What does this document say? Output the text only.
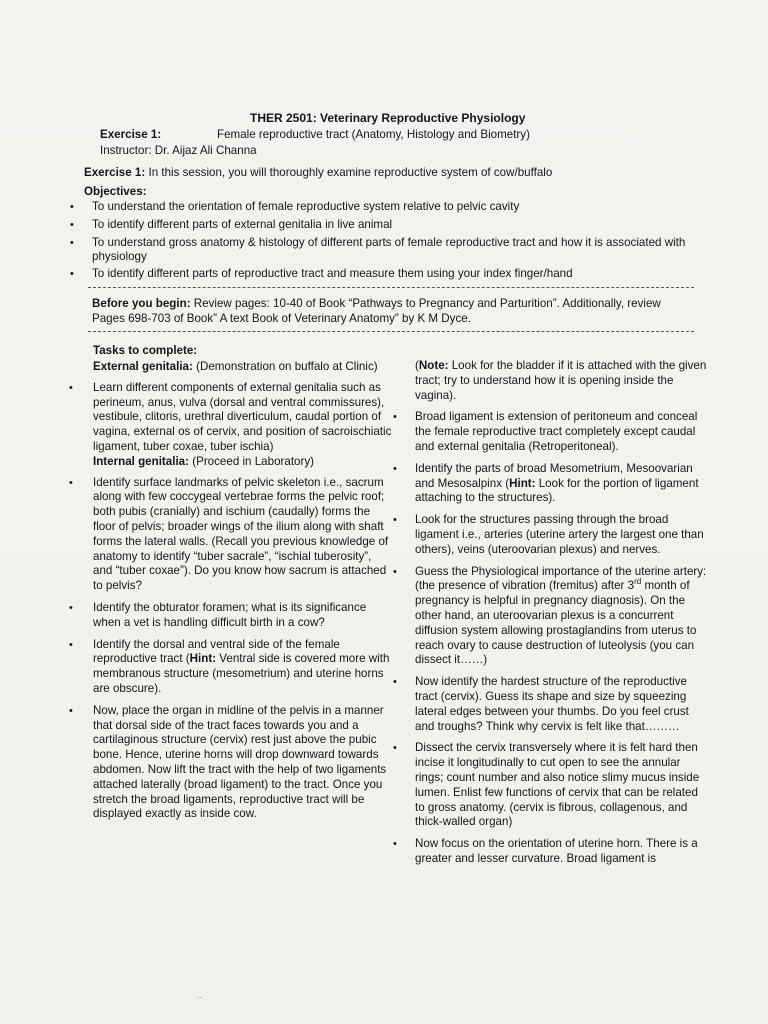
THER 2501: Veterinary Reproductive Physiology
Exercise 1:	Female reproductive tract (Anatomy, Histology and Biometry)
Instructor: Dr. Aijaz Ali Channa
Exercise 1: In this session, you will thoroughly examine reproductive system of cow/buffalo
Objectives:
• To understand the orientation of female reproductive system relative to pelvic cavity
• To identify different parts of external genitalia in live animal
• To understand gross anatomy & histology of different parts of female reproductive tract and how it is associated with physiology
• To identify different parts of reproductive tract and measure them using your index finger/hand
Before you begin: Review pages: 10-40 of Book “Pathways to Pregnancy and Parturition”. Additionally, review Pages 698-703 of Book” A text Book of Veterinary Anatomy” by K M Dyce.
Tasks to complete:
External genitalia: (Demonstration on buffalo at Clinic)
• Learn different components of external genitalia such as perineum, anus, vulva (dorsal and ventral commissures), vestibule, clitoris, urethral diverticulum, caudal portion of vagina, external os of cervix, and position of sacroischiatic ligament, tuber coxae, tuber ischia)
Internal genitalia: (Proceed in Laboratory)
• Identify surface landmarks of pelvic skeleton i.e., sacrum along with few coccygeal vertebrae forms the pelvic roof; both pubis (cranially) and ischium (caudally) forms the floor of pelvis; broader wings of the ilium along with shaft forms the lateral walls. (Recall you previous knowledge of anatomy to identify “tuber sacrale”, “ischial tuberosity”, and “tuber coxae”). Do you know how sacrum is attached to pelvis?
• Identify the obturator foramen; what is its significance when a vet is handling difficult birth in a cow?
• Identify the dorsal and ventral side of the female reproductive tract (Hint: Ventral side is covered more with membranous structure (mesometrium) and uterine horns are obscure).
• Now, place the organ in midline of the pelvis in a manner that dorsal side of the tract faces towards you and a cartilaginous structure (cervix) rest just above the pubic bone. Hence, uterine horns will drop downward towards abdomen. Now lift the tract with the help of two ligaments attached laterally (broad ligament) to the tract. Once you stretch the broad ligaments, reproductive tract will be displayed exactly as inside cow.
(Note: Look for the bladder if it is attached with the given tract; try to understand how it is opening inside the vagina).
• Broad ligament is extension of peritoneum and conceal the female reproductive tract completely except caudal and external genitalia (Retroperitoneal).
• Identify the parts of broad Mesometrium, Mesoovarian and Mesosalpinx (Hint: Look for the portion of ligament attaching to the structures).
• Look for the structures passing through the broad ligament i.e., arteries (uterine artery the largest one than others), veins (uteroovarian plexus) and nerves.
• Guess the Physiological importance of the uterine artery: (the presence of vibration (fremitus) after 3rd month of pregnancy is helpful in pregnancy diagnosis). On the other hand, an uteroovarian plexus is a concurrent diffusion system allowing prostaglandins from uterus to reach ovary to cause destruction of luteolysis (you can dissect it……)
• Now identify the hardest structure of the reproductive tract (cervix). Guess its shape and size by squeezing lateral edges between your thumbs. Do you feel crust and troughs? Think why cervix is felt like that………
• Dissect the cervix transversely where it is felt hard then incise it longitudinally to cut open to see the annular rings; count number and also notice slimy mucus inside lumen. Enlist few functions of cervix that can be related to gross anatomy. (cervix is fibrous, collagenous, and thick-walled organ)
• Now focus on the orientation of uterine horn. There is a greater and lesser curvature. Broad ligament is
··
